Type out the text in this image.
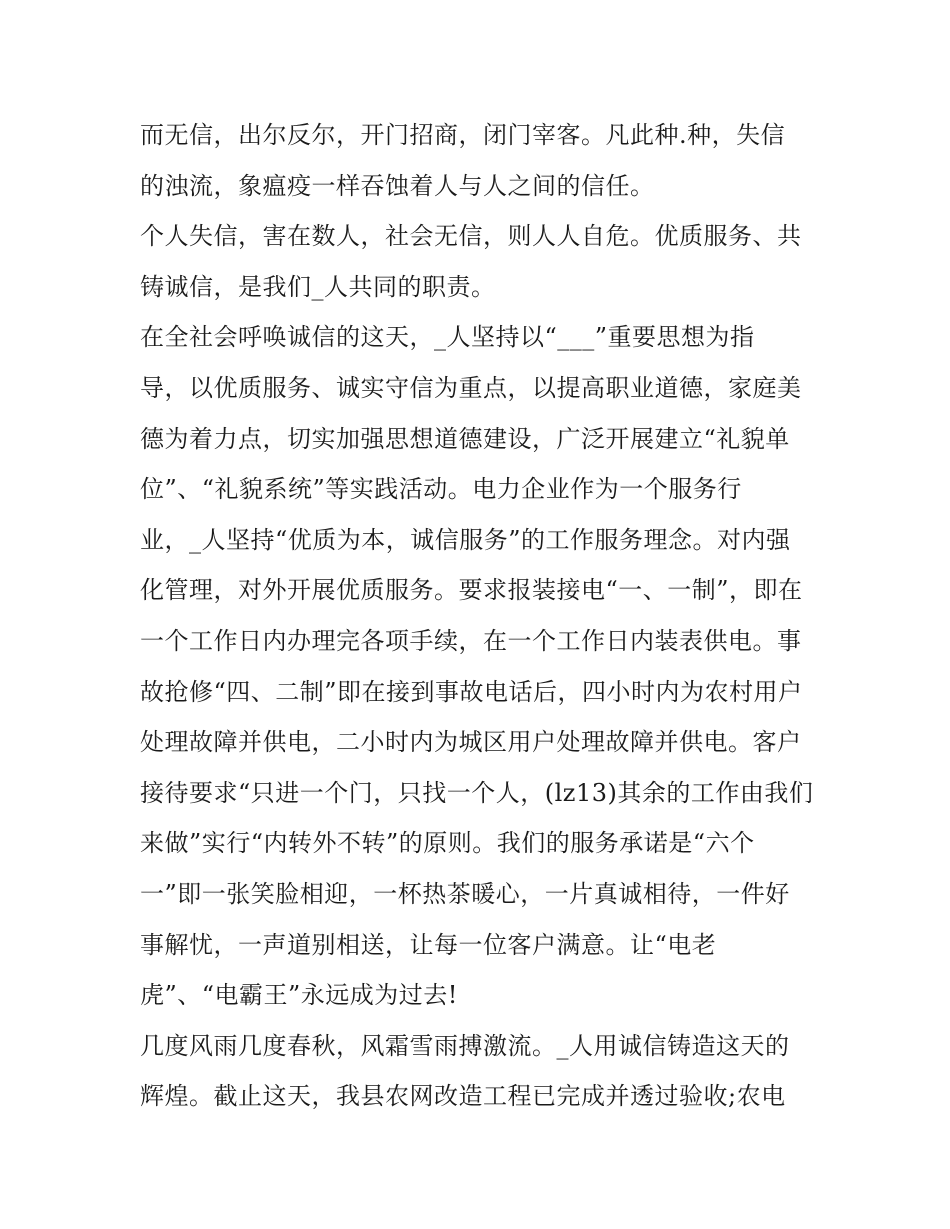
而无信，出尔反尔，开门招商，闭门宰客。凡此种.种，失信
的浊流，象瘟疫一样吞蚀着人与人之间的信任。
个人失信，害在数人，社会无信，则人人自危。优质服务、共
铸诚信，是我们_人共同的职责。
在全社会呼唤诚信的这天，_人坚持以“___”重要思想为指
导，以优质服务、诚实守信为重点，以提高职业道德，家庭美
德为着力点，切实加强思想道德建设，广泛开展建立“礼貌单
位”、“礼貌系统”等实践活动。电力企业作为一个服务行
业，_人坚持“优质为本，诚信服务”的工作服务理念。对内强
化管理，对外开展优质服务。要求报装接电“一、一制”，即在
一个工作日内办理完各项手续，在一个工作日内装表供电。事
故抢修“四、二制”即在接到事故电话后，四小时内为农村用户
处理故障并供电，二小时内为城区用户处理故障并供电。客户
接待要求“只进一个门，只找一个人，(lz13)其余的工作由我们
来做”实行“内转外不转”的原则。我们的服务承诺是“六个
一”即一张笑脸相迎，一杯热茶暖心，一片真诚相待，一件好
事解忧，一声道别相送，让每一位客户满意。让“电老
虎”、“电霸王”永远成为过去!
几度风雨几度春秋，风霜雪雨搏激流。_人用诚信铸造这天的
辉煌。截止这天，我县农网改造工程已完成并透过验收;农电
